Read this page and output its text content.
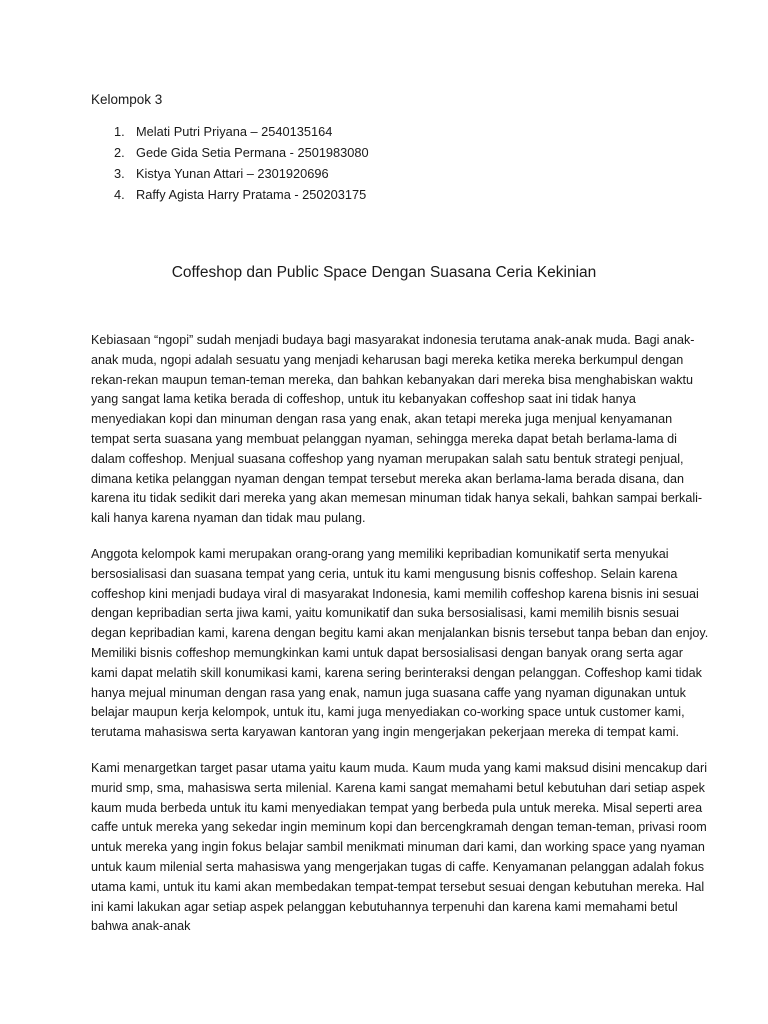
Kelompok 3
1. Melati Putri Priyana – 2540135164
2. Gede Gida Setia Permana - 2501983080
3. Kistya Yunan Attari – 2301920696
4. Raffy Agista Harry Pratama - 250203175
Coffeshop dan Public Space Dengan Suasana Ceria Kekinian

Kebiasaan “ngopi” sudah menjadi budaya bagi masyarakat indonesia terutama anak-anak muda. Bagi anak-anak muda, ngopi adalah sesuatu yang menjadi keharusan bagi mereka ketika mereka berkumpul dengan rekan-rekan maupun teman-teman mereka, dan bahkan kebanyakan dari mereka bisa menghabiskan waktu yang sangat lama ketika berada di coffeshop, untuk itu kebanyakan coffeshop saat ini tidak hanya menyediakan kopi dan minuman dengan rasa yang enak, akan tetapi mereka juga menjual kenyamanan tempat serta suasana yang membuat pelanggan nyaman, sehingga mereka dapat betah berlama-lama di dalam coffeshop. Menjual suasana coffeshop yang nyaman merupakan salah satu bentuk strategi penjual, dimana ketika pelanggan nyaman dengan tempat tersebut mereka akan berlama-lama berada disana, dan karena itu tidak sedikit dari mereka yang akan memesan minuman tidak hanya sekali, bahkan sampai berkali-kali hanya karena nyaman dan tidak mau pulang.

Anggota kelompok kami merupakan orang-orang yang memiliki kepribadian komunikatif serta menyukai bersosialisasi dan suasana tempat yang ceria, untuk itu kami mengusung bisnis coffeshop. Selain karena coffeshop kini menjadi budaya viral di masyarakat Indonesia, kami memilih coffeshop karena bisnis ini sesuai dengan kepribadian serta jiwa kami, yaitu komunikatif dan suka bersosialisasi, kami memilih bisnis sesuai degan kepribadian kami, karena dengan begitu kami akan menjalankan bisnis tersebut tanpa beban dan enjoy. Memiliki bisnis coffeshop memungkinkan kami untuk dapat bersosialisasi dengan banyak orang serta agar kami dapat melatih skill konumikasi kami, karena sering berinteraksi dengan pelanggan. Coffeshop kami tidak hanya mejual minuman dengan rasa yang enak, namun juga suasana caffe yang nyaman digunakan untuk belajar maupun kerja kelompok, untuk itu, kami juga menyediakan co-working space untuk customer kami, terutama mahasiswa serta karyawan kantoran yang ingin mengerjakan pekerjaan mereka di tempat kami.

Kami menargetkan target pasar utama yaitu kaum muda. Kaum muda yang kami maksud disini mencakup dari murid smp, sma, mahasiswa serta milenial. Karena kami sangat memahami betul kebutuhan dari setiap aspek kaum muda berbeda untuk itu kami menyediakan tempat yang berbeda pula untuk mereka. Misal seperti area caffe untuk mereka yang sekedar ingin meminum kopi dan bercengkramah dengan teman-teman, privasi room untuk mereka yang ingin fokus belajar sambil menikmati minuman dari kami, dan working space yang nyaman untuk kaum milenial serta mahasiswa yang mengerjakan tugas di caffe. Kenyamanan pelanggan adalah fokus utama kami, untuk itu kami akan membedakan tempat-tempat tersebut sesuai dengan kebutuhan mereka. Hal ini kami lakukan agar setiap aspek pelanggan kebutuhannya terpenuhi dan karena kami memahami betul bahwa anak-anak
